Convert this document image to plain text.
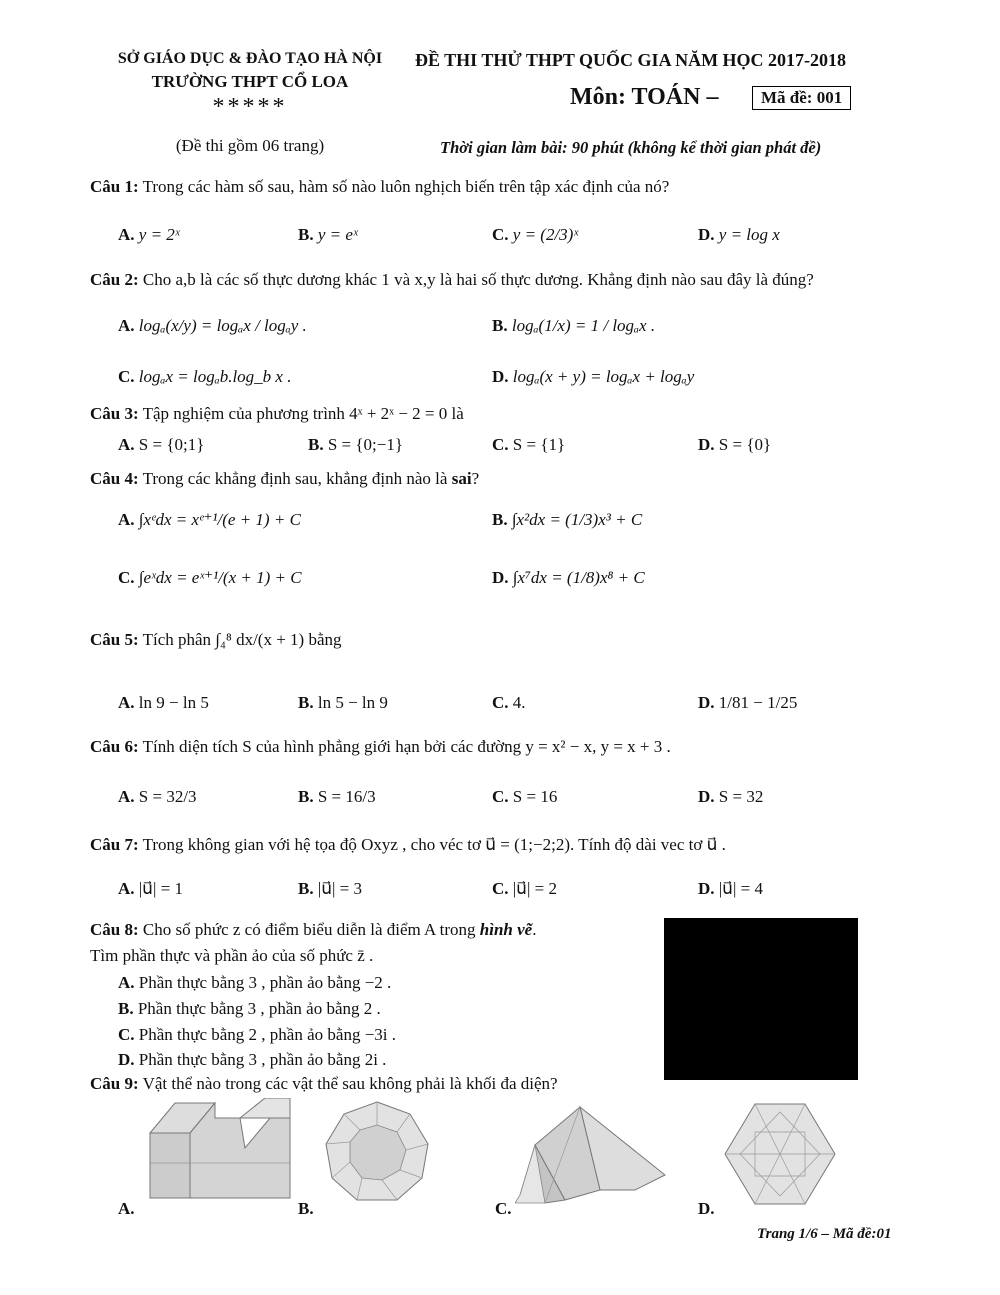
SỞ GIÁO DỤC & ĐÀO TẠO HÀ NỘI
TRƯỜNG THPT CỔ LOA
*****
(Đề thi gồm 06 trang)
ĐỀ THI THỬ THPT QUỐC GIA NĂM HỌC 2017-2018
Môn: TOÁN –	Mã đề: 001
Thời gian làm bài: 90 phút (không kể thời gian phát đề)
Câu 1: Trong các hàm số sau, hàm số nào luôn nghịch biến trên tập xác định của nó?
A. y = 2ˣ	B. y = eˣ	C. y = (2/3)ˣ	D. y = log x
Câu 2: Cho a,b là các số thực dương khác 1 và x,y là hai số thực dương. Khẳng định nào sau đây là đúng?
A. logₐ(x/y) = logₐx / logₐy .	B. logₐ(1/x) = 1 / logₐx .
C. logₐx = logₐb.log_b x .	D. logₐ(x + y) = logₐx + logₐy
Câu 3: Tập nghiệm của phương trình 4ˣ + 2ˣ − 2 = 0 là
A. S = {0;1}	B. S = {0;−1}	C. S = {1}	D. S = {0}
Câu 4: Trong các khẳng định sau, khẳng định nào là sai?
A. ∫xᵉdx = xᵉ⁺¹/(e + 1) + C	B. ∫x²dx = (1/3)x³ + C
C. ∫eˣdx = eˣ⁺¹/(x + 1) + C	D. ∫x⁷dx = (1/8)x⁸ + C
Câu 5: Tích phân ∫₄⁸ dx/(x + 1) bằng
A. ln 9 − ln 5	B. ln 5 − ln 9	C. 4.	D. 1/81 − 1/25
Câu 6: Tính diện tích S của hình phẳng giới hạn bởi các đường y = x² − x, y = x + 3 .
A. S = 32/3	B. S = 16/3	C. S = 16	D. S = 32
Câu 7: Trong không gian với hệ tọa độ Oxyz , cho véc tơ u⃗ = (1;−2;2). Tính độ dài vec tơ u⃗ .
A. |u⃗| = 1	B. |u⃗| = 3	C. |u⃗| = 2	D. |u⃗| = 4
Câu 8: Cho số phức z có điểm biểu diễn là điểm A trong hình vẽ.
Tìm phần thực và phần ảo của số phức z̄ .
A. Phần thực bằng 3 , phần ảo bằng −2 .
B. Phần thực bằng 3 , phần ảo bằng 2 .
C. Phần thực bằng 2 , phần ảo bằng −3i .
D. Phần thực bằng 3 , phần ảo bằng 2i .
Câu 9: Vật thể nào trong các vật thể sau không phải là khối đa diện?
A.	B.	C.	D.
Trang 1/6 – Mã đề:01
